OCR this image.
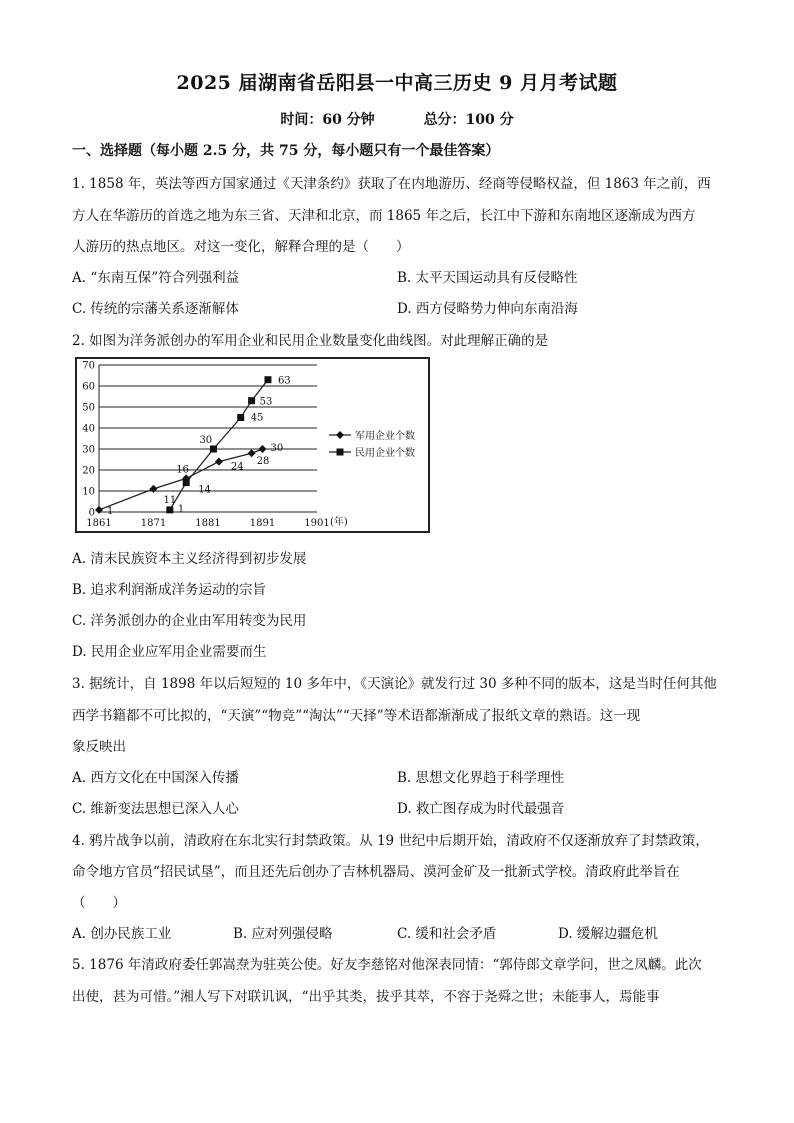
2025 届湖南省岳阳县一中高三历史 9 月月考试题
时间：60 分钟	总分：100 分
一、选择题（每小题 2.5 分，共 75 分，每小题只有一个最佳答案）
1. 1858 年，英法等西方国家通过《天津条约》获取了在内地游历、经商等侵略权益，但 1863 年之前，西
方人在华游历的首选之地为东三省、天津和北京，而 1865 年之后，长江中下游和东南地区逐渐成为西方
人游历的热点地区。对这一变化，解释合理的是（　　）
A. “东南互保”符合列强利益	B. 太平天国运动具有反侵略性
C. 传统的宗藩关系逐渐解体	D. 西方侵略势力伸向东南沿海
2. 如图为洋务派创办的军用企业和民用企业数量变化曲线图。对此理解正确的是
0
10
20
30
40
50
60
70
1861	1871	1881	1891	1901 (年)
1
11
16	24 28
30
1
14
30
45
53
63
军用企业个数
民用企业个数
A. 清末民族资本主义经济得到初步发展
B. 追求利润渐成洋务运动的宗旨
C. 洋务派创办的企业由军用转变为民用
D. 民用企业应军用企业需要而生
3. 据统计，自 1898 年以后短短的 10 多年中，《天演论》就发行过 30 多种不同的版本，这是当时任何其他
西学书籍都不可比拟的，“天演”“物竞”“淘汰”“天择”等术语都渐渐成了报纸文章的熟语。这一现
象反映出
A. 西方文化在中国深入传播	B. 思想文化界趋于科学理性
C. 维新变法思想已深入人心	D. 救亡图存成为时代最强音
4. 鸦片战争以前，清政府在东北实行封禁政策。从 19 世纪中后期开始，清政府不仅逐渐放弃了封禁政策，
命令地方官员“招民试垦”，而且还先后创办了吉林机器局、漠河金矿及一批新式学校。清政府此举旨在
（　　）
A. 创办民族工业	B. 应对列强侵略	C. 缓和社会矛盾	D. 缓解边疆危机
5. 1876 年清政府委任郭嵩焘为驻英公使。好友李慈铭对他深表同情：“郭侍郎文章学问，世之凤麟。此次
出使，甚为可惜。”湘人写下对联讥讽，“出乎其类，拔乎其萃，不容于尧舜之世；未能事人，焉能事
